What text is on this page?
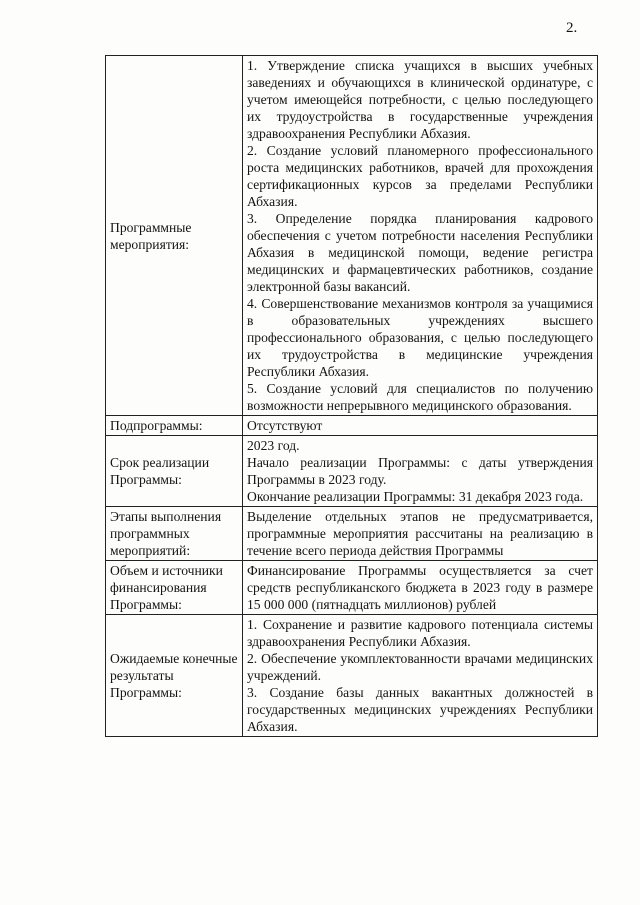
2.
Программные мероприятия:	1. Утверждение списка учащихся в высших учебных заведениях и обучающихся в клинической ординатуре, с учетом имеющейся потребности, с целью последующего их трудоустройства в государственные учреждения здравоохранения Республики Абхазия.
2. Создание условий планомерного профессионального роста медицинских работников, врачей для прохождения сертификационных курсов за пределами Республики Абхазия.
3. Определение порядка планирования кадрового обеспечения с учетом потребности населения Республики Абхазия в медицинской помощи, ведение регистра медицинских и фармацевтических работников, создание электронной базы вакансий.
4. Совершенствование механизмов контроля за учащимися в образовательных учреждениях высшего профессионального образования, с целью последующего их трудоустройства в медицинские учреждения Республики Абхазия.
5. Создание условий для специалистов по получению возможности непрерывного медицинского образования.

Подпрограммы:	Отсутствуют

Срок реализации Программы:	2023 год.
Начало реализации Программы: с даты утверждения Программы в 2023 году.
Окончание реализации Программы: 31 декабря 2023 года.

Этапы выполнения программных мероприятий:	Выделение отдельных этапов не предусматривается, программные мероприятия рассчитаны на реализацию в течение всего периода действия Программы

Объем и источники финансирования Программы:	Финансирование Программы осуществляется за счет средств республиканского бюджета в 2023 году в размере 15 000 000 (пятнадцать миллионов) рублей

Ожидаемые конечные результаты Программы:	1. Сохранение и развитие кадрового потенциала системы здравоохранения Республики Абхазия.
2. Обеспечение укомплектованности врачами медицинских учреждений.
3. Создание базы данных вакантных должностей в государственных медицинских учреждениях Республики Абхазия.
